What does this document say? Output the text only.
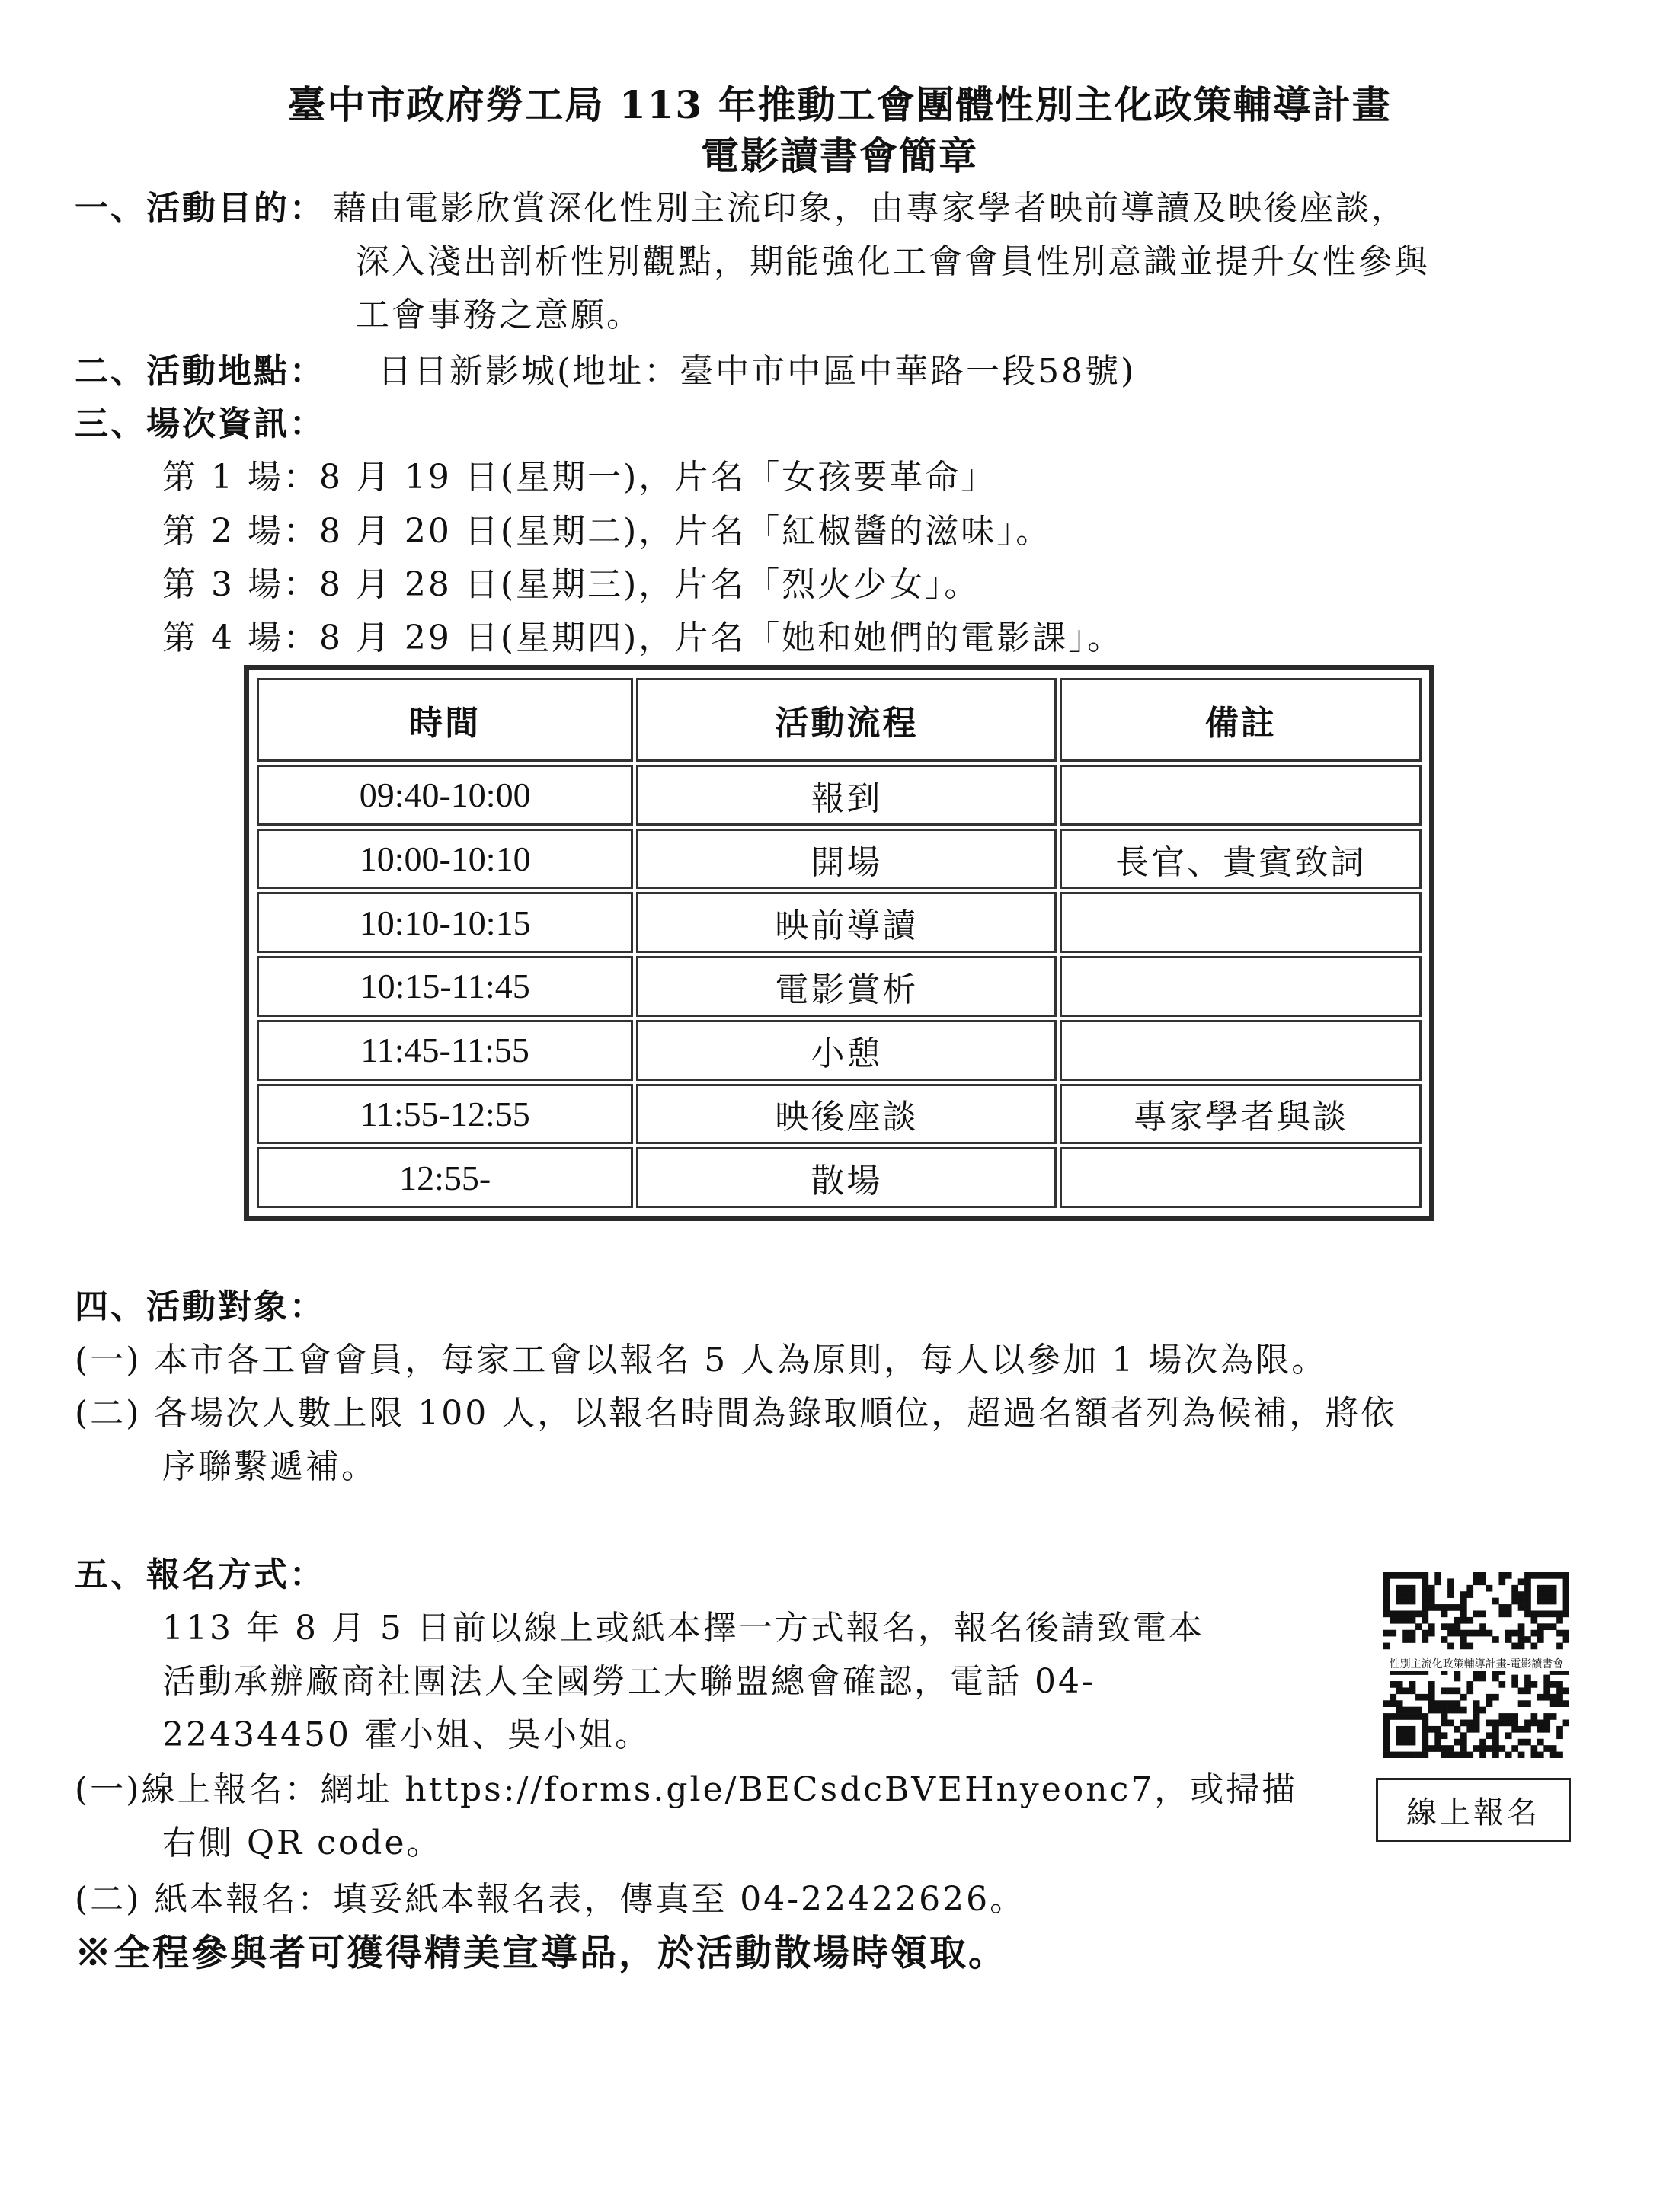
臺中市政府勞工局 113 年推動工會團體性別主化政策輔導計畫
電影讀書會簡章
一、活動目的： 藉由電影欣賞深化性別主流印象，由專家學者映前導讀及映後座談，
深入淺出剖析性別觀點，期能強化工會會員性別意識並提升女性參與
工會事務之意願。
二、活動地點： 日日新影城(地址：臺中市中區中華路一段58號)
三、場次資訊：
第 1 場：8 月 19 日(星期一)，片名「女孩要革命」
第 2 場：8 月 20 日(星期二)，片名「紅椒醬的滋味」。
第 3 場：8 月 28 日(星期三)，片名「烈火少女」。
第 4 場：8 月 29 日(星期四)，片名「她和她們的電影課」。
時間	活動流程	備註
09:40-10:00	報到	
10:00-10:10	開場	長官、貴賓致詞
10:10-10:15	映前導讀	
10:15-11:45	電影賞析	
11:45-11:55	小憩	
11:55-12:55	映後座談	專家學者與談
12:55-	散場	
四、活動對象：
(一) 本市各工會會員，每家工會以報名 5 人為原則，每人以參加 1 場次為限。
(二) 各場次人數上限 100 人，以報名時間為錄取順位，超過名額者列為候補，將依
序聯繫遞補。
五、報名方式：
113 年 8 月 5 日前以線上或紙本擇一方式報名，報名後請致電本
活動承辦廠商社團法人全國勞工大聯盟總會確認，電話 04-
22434450 霍小姐、吳小姐。
(一)線上報名：網址 https://forms.gle/BECsdcBVEHnyeonc7，或掃描
右側 QR code。
(二) 紙本報名：填妥紙本報名表，傳真至 04-22422626。
※全程參與者可獲得精美宣導品，於活動散場時領取。
性別主流化政策輔導計畫-電影讀書會
線上報名
